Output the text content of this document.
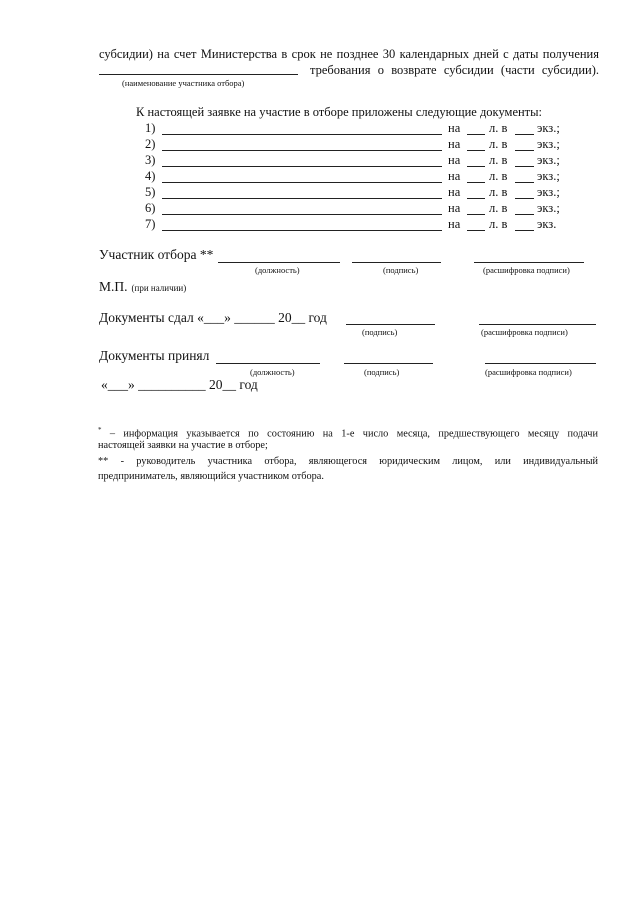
субсидии) на счет Министерства в срок не позднее 30 календарных дней с даты получения
требования о возврате субсидии (части субсидии).
(наименование участника отбора)
К настоящей заявке на участие в отборе приложены следующие документы:
1)	на л. в экз.;
2)	на л. в экз.;
3)	на л. в экз.;
4)	на л. в экз.;
5)	на л. в экз.;
6)	на л. в экз.;
7)	на л. в экз.
Участник отбора **
(должность)	(подпись)	(расшифровка подписи)
М.П. (при наличии)
Документы сдал «___» ______ 20__ год
(подпись)	(расшифровка подписи)
Документы принял
(должность)	(подпись)	(расшифровка подписи)
«___» __________ 20__ год
* – информация указывается по состоянию на 1-е число месяца, предшествующего месяцу подачи
настоящей заявки на участие в отборе;
** - руководитель участника отбора, являющегося юридическим лицом, или индивидуальный
предприниматель, являющийся участником отбора.
